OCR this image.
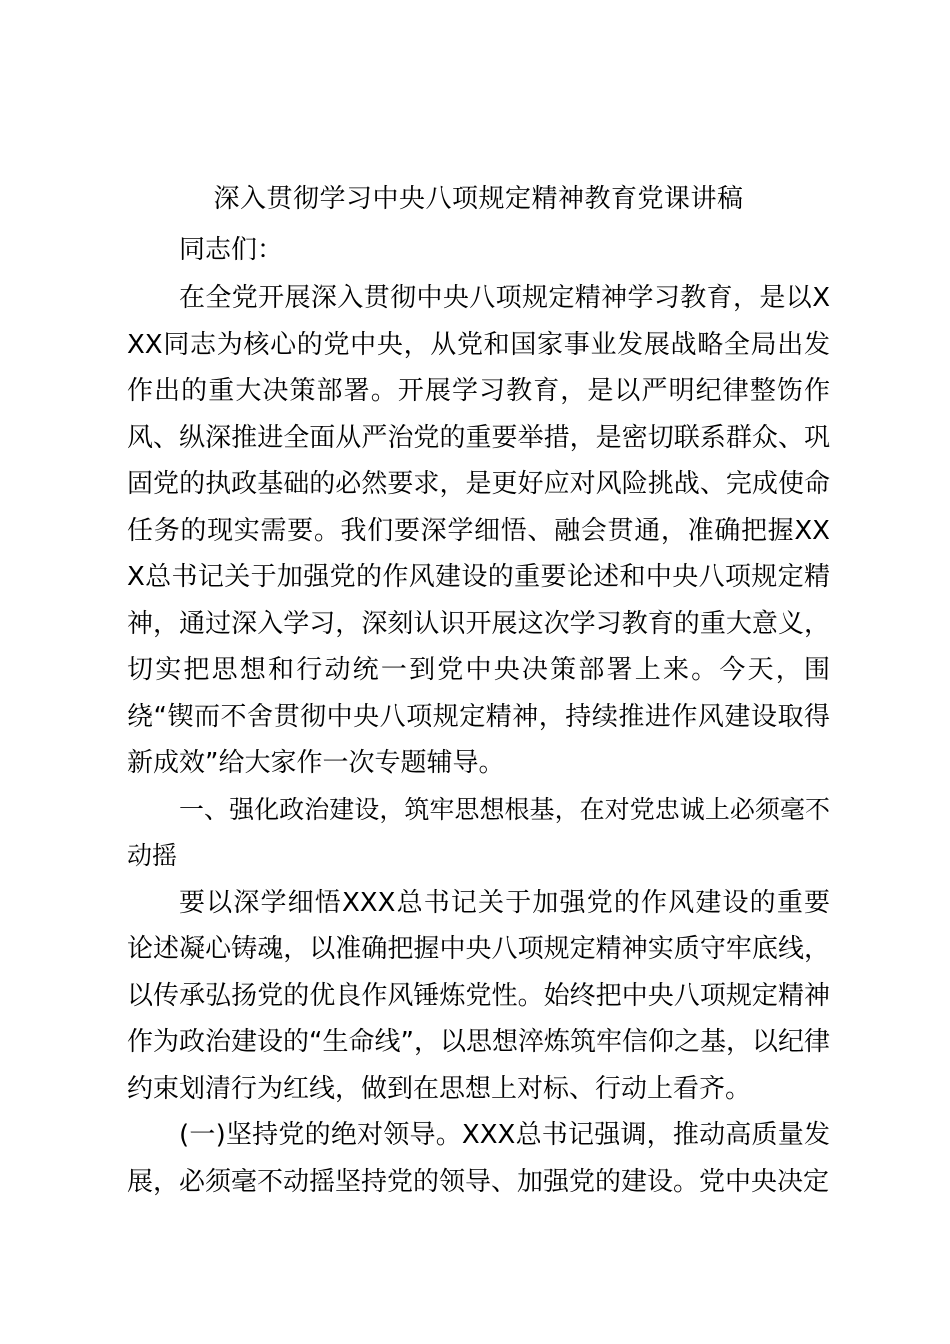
深入贯彻学习中央八项规定精神教育党课讲稿

同志们：

在全党开展深入贯彻中央八项规定精神学习教育，是以XXX同志为核心的党中央，从党和国家事业发展战略全局出发作出的重大决策部署。开展学习教育，是以严明纪律整饬作风、纵深推进全面从严治党的重要举措，是密切联系群众、巩固党的执政基础的必然要求，是更好应对风险挑战、完成使命任务的现实需要。我们要深学细悟、融会贯通，准确把握XXX总书记关于加强党的作风建设的重要论述和中央八项规定精神，通过深入学习，深刻认识开展这次学习教育的重大意义，切实把思想和行动统一到党中央决策部署上来。今天，围绕“锲而不舍贯彻中央八项规定精神，持续推进作风建设取得新成效”给大家作一次专题辅导。

一、强化政治建设，筑牢思想根基，在对党忠诚上必须毫不动摇

要以深学细悟XXX总书记关于加强党的作风建设的重要论述凝心铸魂，以准确把握中央八项规定精神实质守牢底线，以传承弘扬党的优良作风锤炼党性。始终把中央八项规定精神作为政治建设的“生命线”，以思想淬炼筑牢信仰之基，以纪律约束划清行为红线，做到在思想上对标、行动上看齐。

(一)坚持党的绝对领导。XXX总书记强调，推动高质量发展，必须毫不动摇坚持党的领导、加强党的建设。党中央决定
